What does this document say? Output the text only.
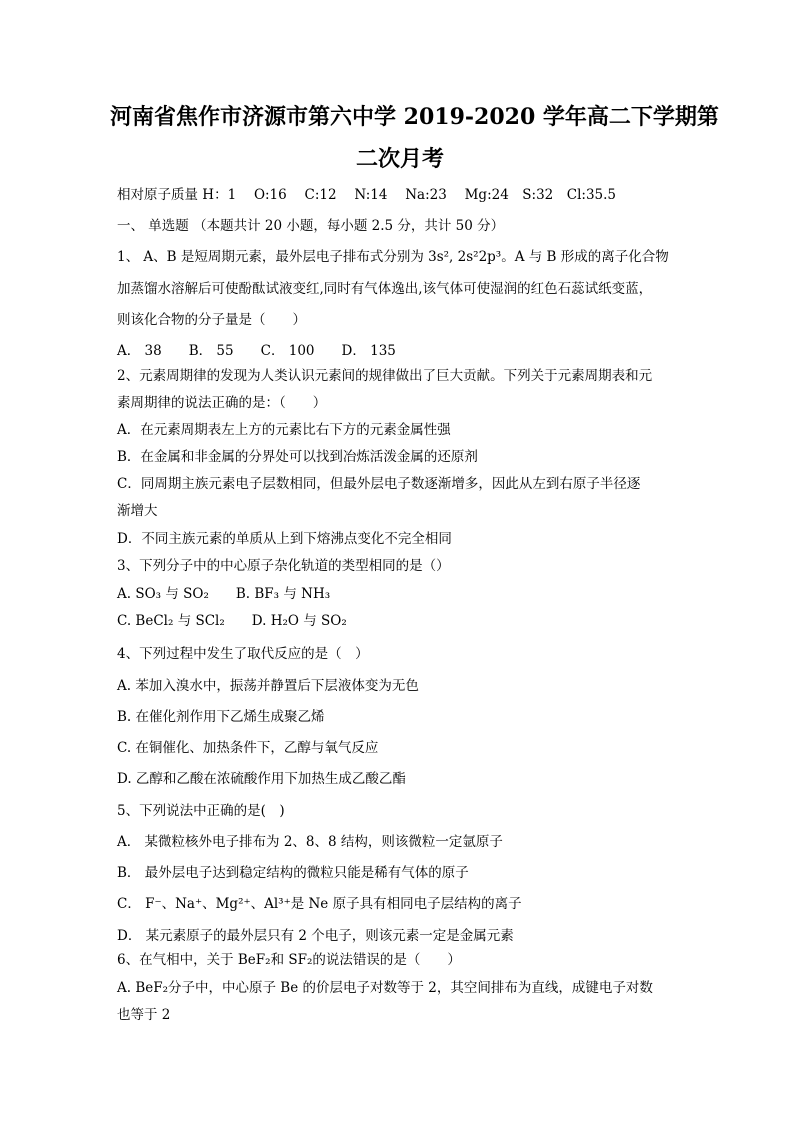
河南省焦作市济源市第六中学 2019-2020 学年高二下学期第
二次月考

相对原子质量 H：1　 O:16　 C:12　 N:14　 Na:23　 Mg:24　S:32　Cl:35.5

一、 单选题 （本题共计 20 小题，每小题 2.5 分，共计 50 分）

1、 A、B 是短周期元素，最外层电子排布式分别为 3s², 2s²2p³。A 与 B 形成的离子化合物

加蒸馏水溶解后可使酚酞试液变红,同时有气体逸出,该气体可使湿润的红色石蕊试纸变蓝，

则该化合物的分子量是（　　）

A． 38　　B． 55　　C． 100　　D． 135

2、元素周期律的发现为人类认识元素间的规律做出了巨大贡献。下列关于元素周期表和元

素周期律的说法正确的是：（　　）

A．在元素周期表左上方的元素比右下方的元素金属性强

B．在金属和非金属的分界处可以找到冶炼活泼金属的还原剂

C．同周期主族元素电子层数相同，但最外层电子数逐渐增多，因此从左到右原子半径逐

渐增大

D．不同主族元素的单质从上到下熔沸点变化不完全相同

3、下列分子中的中心原子杂化轨道的类型相同的是（）

A. SO₃ 与 SO₂　　B. BF₃ 与 NH₃

C. BeCl₂ 与 SCl₂　　D. H₂O 与 SO₂

4、下列过程中发生了取代反应的是（　）

A. 苯加入溴水中，振荡并静置后下层液体变为无色

B. 在催化剂作用下乙烯生成聚乙烯

C. 在铜催化、加热条件下，乙醇与氧气反应

D. 乙醇和乙酸在浓硫酸作用下加热生成乙酸乙酯

5、下列说法中正确的是(　)

A． 某微粒核外电子排布为 2、8、8 结构，则该微粒一定氩原子

B． 最外层电子达到稳定结构的微粒只能是稀有气体的原子

C． F⁻、Na⁺、Mg²⁺、Al³⁺是 Ne 原子具有相同电子层结构的离子

D． 某元素原子的最外层只有 2 个电子，则该元素一定是金属元素

6、在气相中，关于 BeF₂和 SF₂的说法错误的是（　　）

A. BeF₂分子中，中心原子 Be 的价层电子对数等于 2，其空间排布为直线，成键电子对数

也等于 2
